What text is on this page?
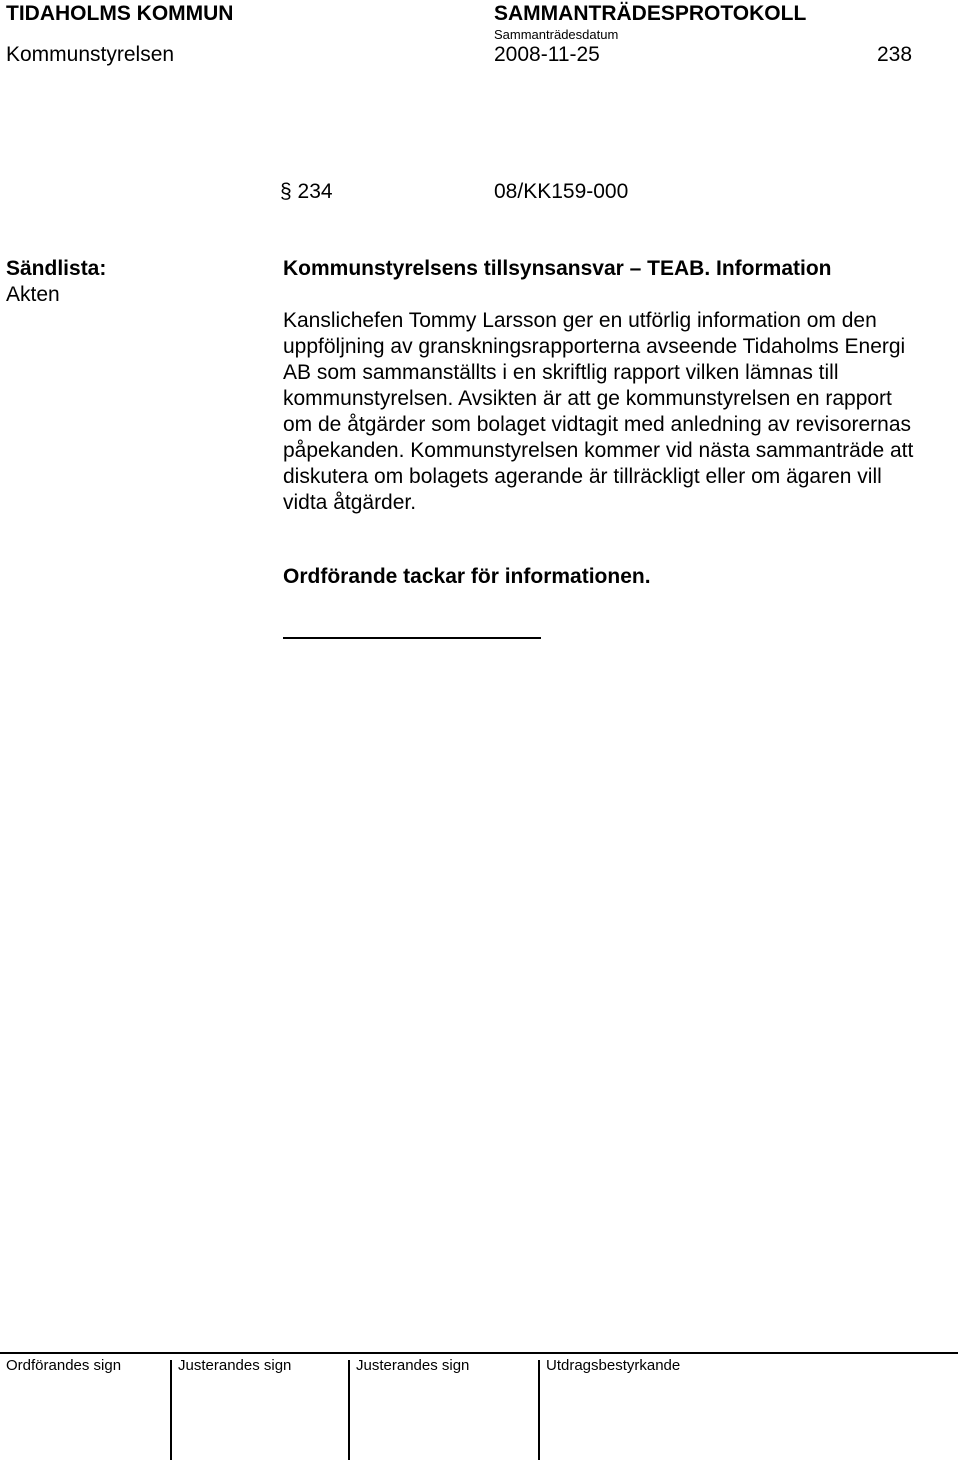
TIDAHOLMS KOMMUN	SAMMANTRÄDESPROTOKOLL
Sammanträdesdatum
Kommunstyrelsen	2008-11-25	238
§ 234	08/KK159-000
Sändlista:
Akten
Kommunstyrelsens tillsynsansvar – TEAB. Information

Kanslichefen Tommy Larsson ger en utförlig information om den uppföljning av granskningsrapporterna avseende Tidaholms Energi AB som sammanställts i en skriftlig rapport vilken lämnas till kommunstyrelsen. Avsikten är att ge kommunstyrelsen en rapport om de åtgärder som bolaget vidtagit med anledning av revisorernas påpekanden. Kommunstyrelsen kommer vid nästa sammanträde att diskutera om bolagets agerande är tillräckligt eller om ägaren vill vidta åtgärder.

Ordförande tackar för informationen.
Ordförandes sign	Justerandes sign	Justerandes sign	Utdragsbestyrkande
